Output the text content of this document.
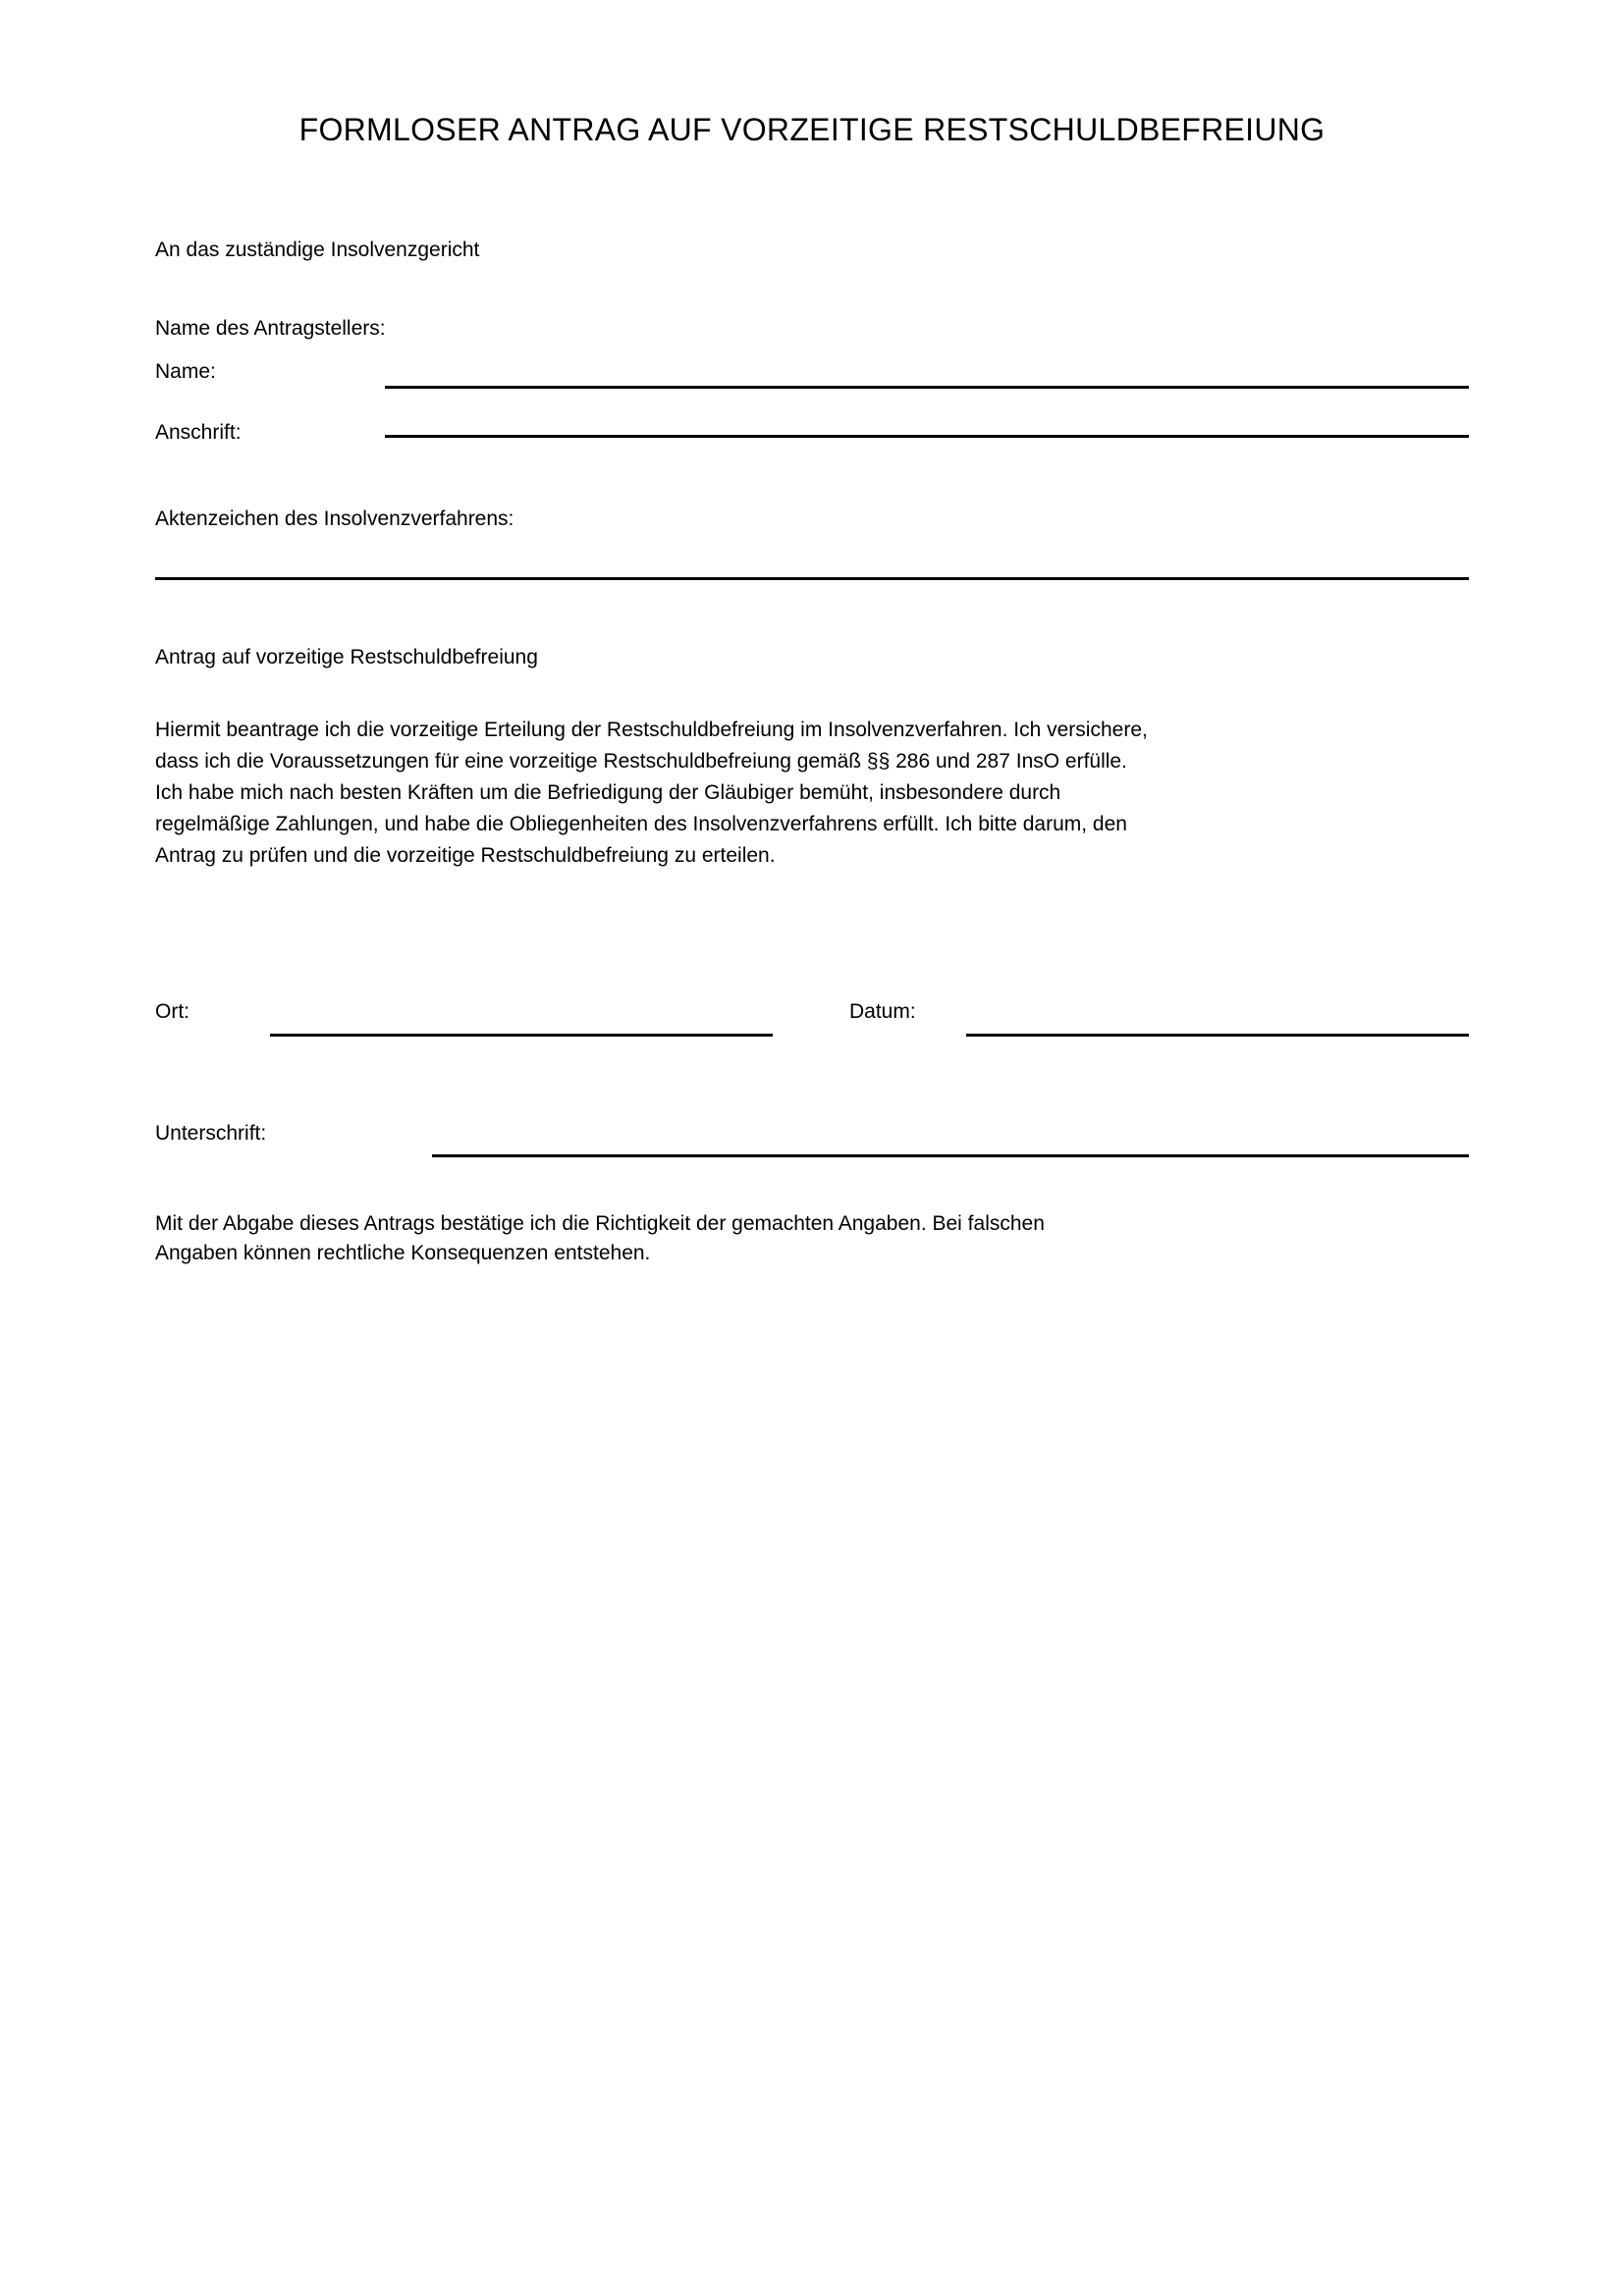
FORMLOSER ANTRAG AUF VORZEITIGE RESTSCHULDBEFREIUNG
An das zuständige Insolvenzgericht
Name des Antragstellers:
Name:
Anschrift:
Aktenzeichen des Insolvenzverfahrens:
Antrag auf vorzeitige Restschuldbefreiung

Hiermit beantrage ich die vorzeitige Erteilung der Restschuldbefreiung im Insolvenzverfahren. Ich versichere,

dass ich die Voraussetzungen für eine vorzeitige Restschuldbefreiung gemäß §§ 286 und 287 InsO erfülle.

Ich habe mich nach besten Kräften um die Befriedigung der Gläubiger bemüht, insbesondere durch

regelmäßige Zahlungen, und habe die Obliegenheiten des Insolvenzverfahrens erfüllt. Ich bitte darum, den

Antrag zu prüfen und die vorzeitige Restschuldbefreiung zu erteilen.

Ort:	Datum:
Unterschrift:

Mit der Abgabe dieses Antrags bestätige ich die Richtigkeit der gemachten Angaben. Bei falschen

Angaben können rechtliche Konsequenzen entstehen.
